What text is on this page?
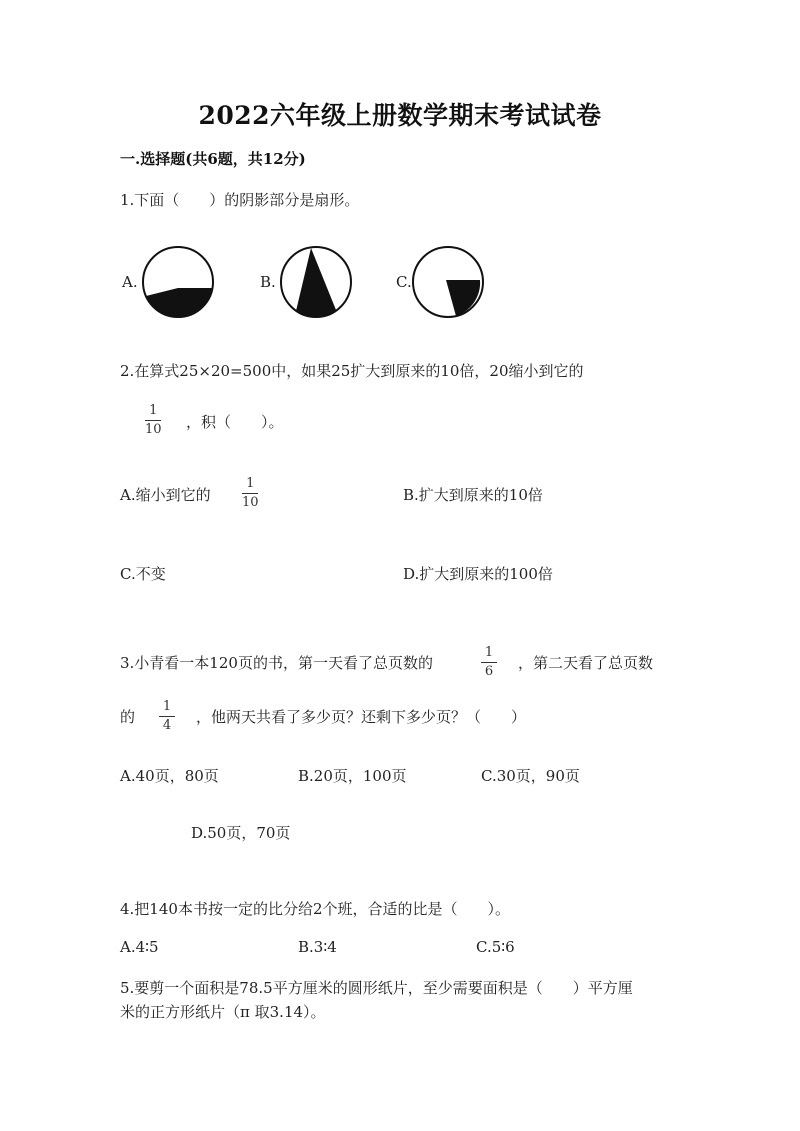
2022六年级上册数学期末考试试卷
一.选择题(共6题，共12分)
1.下面（　　）的阴影部分是扇形。
A.	B.	C.
2.在算式25×20=500中，如果25扩大到原来的10倍，20缩小到它的
1
10 ，积（　　）。
A.缩小到它的
1
10	B.扩大到原来的10倍
C.不变	D.扩大到原来的100倍
3.小青看一本120页的书，第一天看了总页数的
1
6 ，第二天看了总页数
的
1
4 ，他两天共看了多少页？还剩下多少页？（　　）
A.40页，80页	B.20页，100页	C.30页，90页
D.50页，70页
4.把140本书按一定的比分给2个班，合适的比是（　　）。
A.4∶5	B.3∶4	C.5∶6
5.要剪一个面积是78.5平方厘米的圆形纸片，至少需要面积是（　　）平方厘
米的正方形纸片（π 取3.14）。
